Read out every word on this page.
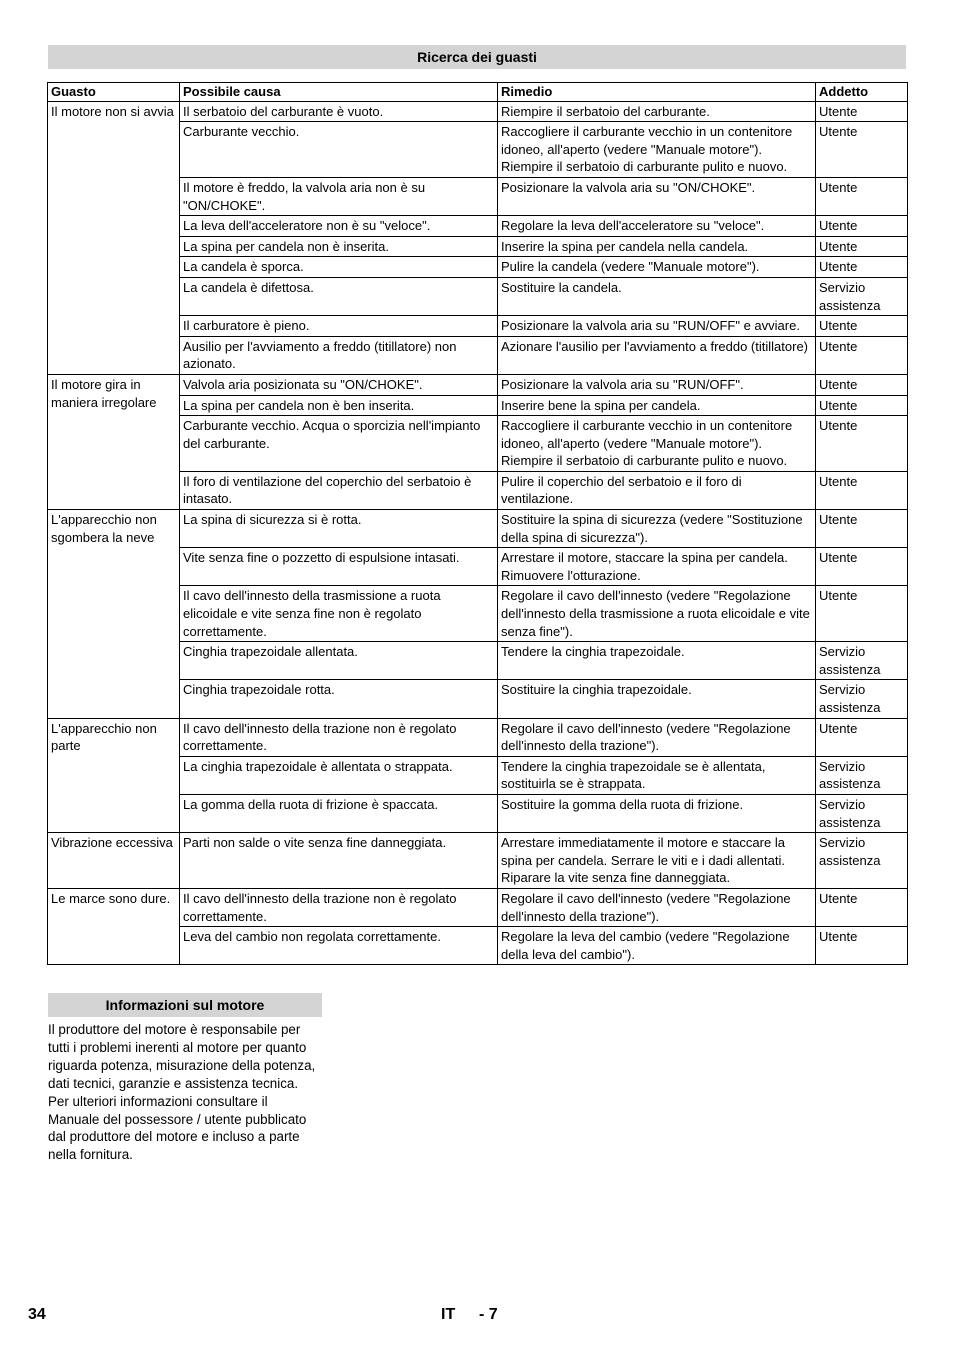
Ricerca dei guasti
Guasto	Possibile causa	Rimedio	Addetto
Il motore non si avvia	Il serbatoio del carburante è vuoto.	Riempire il serbatoio del carburante.	Utente
	Carburante vecchio.	Raccogliere il carburante vecchio in un contenitore idoneo, all'aperto (vedere "Manuale motore"). Riempire il serbatoio di carburante pulito e nuovo.	Utente
	Il motore è freddo, la valvola aria non è su "ON/CHOKE".	Posizionare la valvola aria su "ON/CHOKE".	Utente
	La leva dell'acceleratore non è su "veloce".	Regolare la leva dell'acceleratore su "veloce".	Utente
	La spina per candela non è inserita.	Inserire la spina per candela nella candela.	Utente
	La candela è sporca.	Pulire la candela (vedere "Manuale motore").	Utente
	La candela è difettosa.	Sostituire la candela.	Servizio assistenza
	Il carburatore è pieno.	Posizionare la valvola aria su "RUN/OFF" e avviare.	Utente
	Ausilio per l'avviamento a freddo (titillatore) non azionato.	Azionare l'ausilio per l'avviamento a freddo (titillatore)	Utente
Il motore gira in maniera irregolare	Valvola aria posizionata su "ON/CHOKE".	Posizionare la valvola aria su "RUN/OFF".	Utente
	La spina per candela non è ben inserita.	Inserire bene la spina per candela.	Utente
	Carburante vecchio. Acqua o sporcizia nell'impianto del carburante.	Raccogliere il carburante vecchio in un contenitore idoneo, all'aperto (vedere "Manuale motore"). Riempire il serbatoio di carburante pulito e nuovo.	Utente
	Il foro di ventilazione del coperchio del serbatoio è intasato.	Pulire il coperchio del serbatoio e il foro di ventilazione.	Utente
L'apparecchio non sgombera la neve	La spina di sicurezza si è rotta.	Sostituire la spina di sicurezza (vedere "Sostituzione della spina di sicurezza").	Utente
	Vite senza fine o pozzetto di espulsione intasati.	Arrestare il motore, staccare la spina per candela. Rimuovere l'otturazione.	Utente
	Il cavo dell'innesto della trasmissione a ruota elicoidale e vite senza fine non è regolato correttamente.	Regolare il cavo dell'innesto (vedere "Regolazione dell'innesto della trasmissione a ruota elicoidale e vite senza fine").	Utente
	Cinghia trapezoidale allentata.	Tendere la cinghia trapezoidale.	Servizio assistenza
	Cinghia trapezoidale rotta.	Sostituire la cinghia trapezoidale.	Servizio assistenza
L'apparecchio non parte	Il cavo dell'innesto della trazione non è regolato correttamente.	Regolare il cavo dell'innesto (vedere "Regolazione dell'innesto della trazione").	Utente
	La cinghia trapezoidale è allentata o strappata.	Tendere la cinghia trapezoidale se è allentata, sostituirla se è strappata.	Servizio assistenza
	La gomma della ruota di frizione è spaccata.	Sostituire la gomma della ruota di frizione.	Servizio assistenza
Vibrazione eccessiva	Parti non salde o vite senza fine danneggiata.	Arrestare immediatamente il motore e staccare la spina per candela. Serrare le viti e i dadi allentati. Riparare la vite senza fine danneggiata.	Servizio assistenza
Le marce sono dure.	Il cavo dell'innesto della trazione non è regolato correttamente.	Regolare il cavo dell'innesto (vedere "Regolazione dell'innesto della trazione").	Utente
	Leva del cambio non regolata correttamente.	Regolare la leva del cambio (vedere "Regolazione della leva del cambio").	Utente
Informazioni sul motore
Il produttore del motore è responsabile per tutti i problemi inerenti al motore per quanto riguarda potenza, misurazione della potenza, dati tecnici, garanzie e assistenza tecnica. Per ulteriori informazioni consultare il Manuale del possessore / utente pubblicato dal produttore del motore e incluso a parte nella fornitura.
34	IT - 7
